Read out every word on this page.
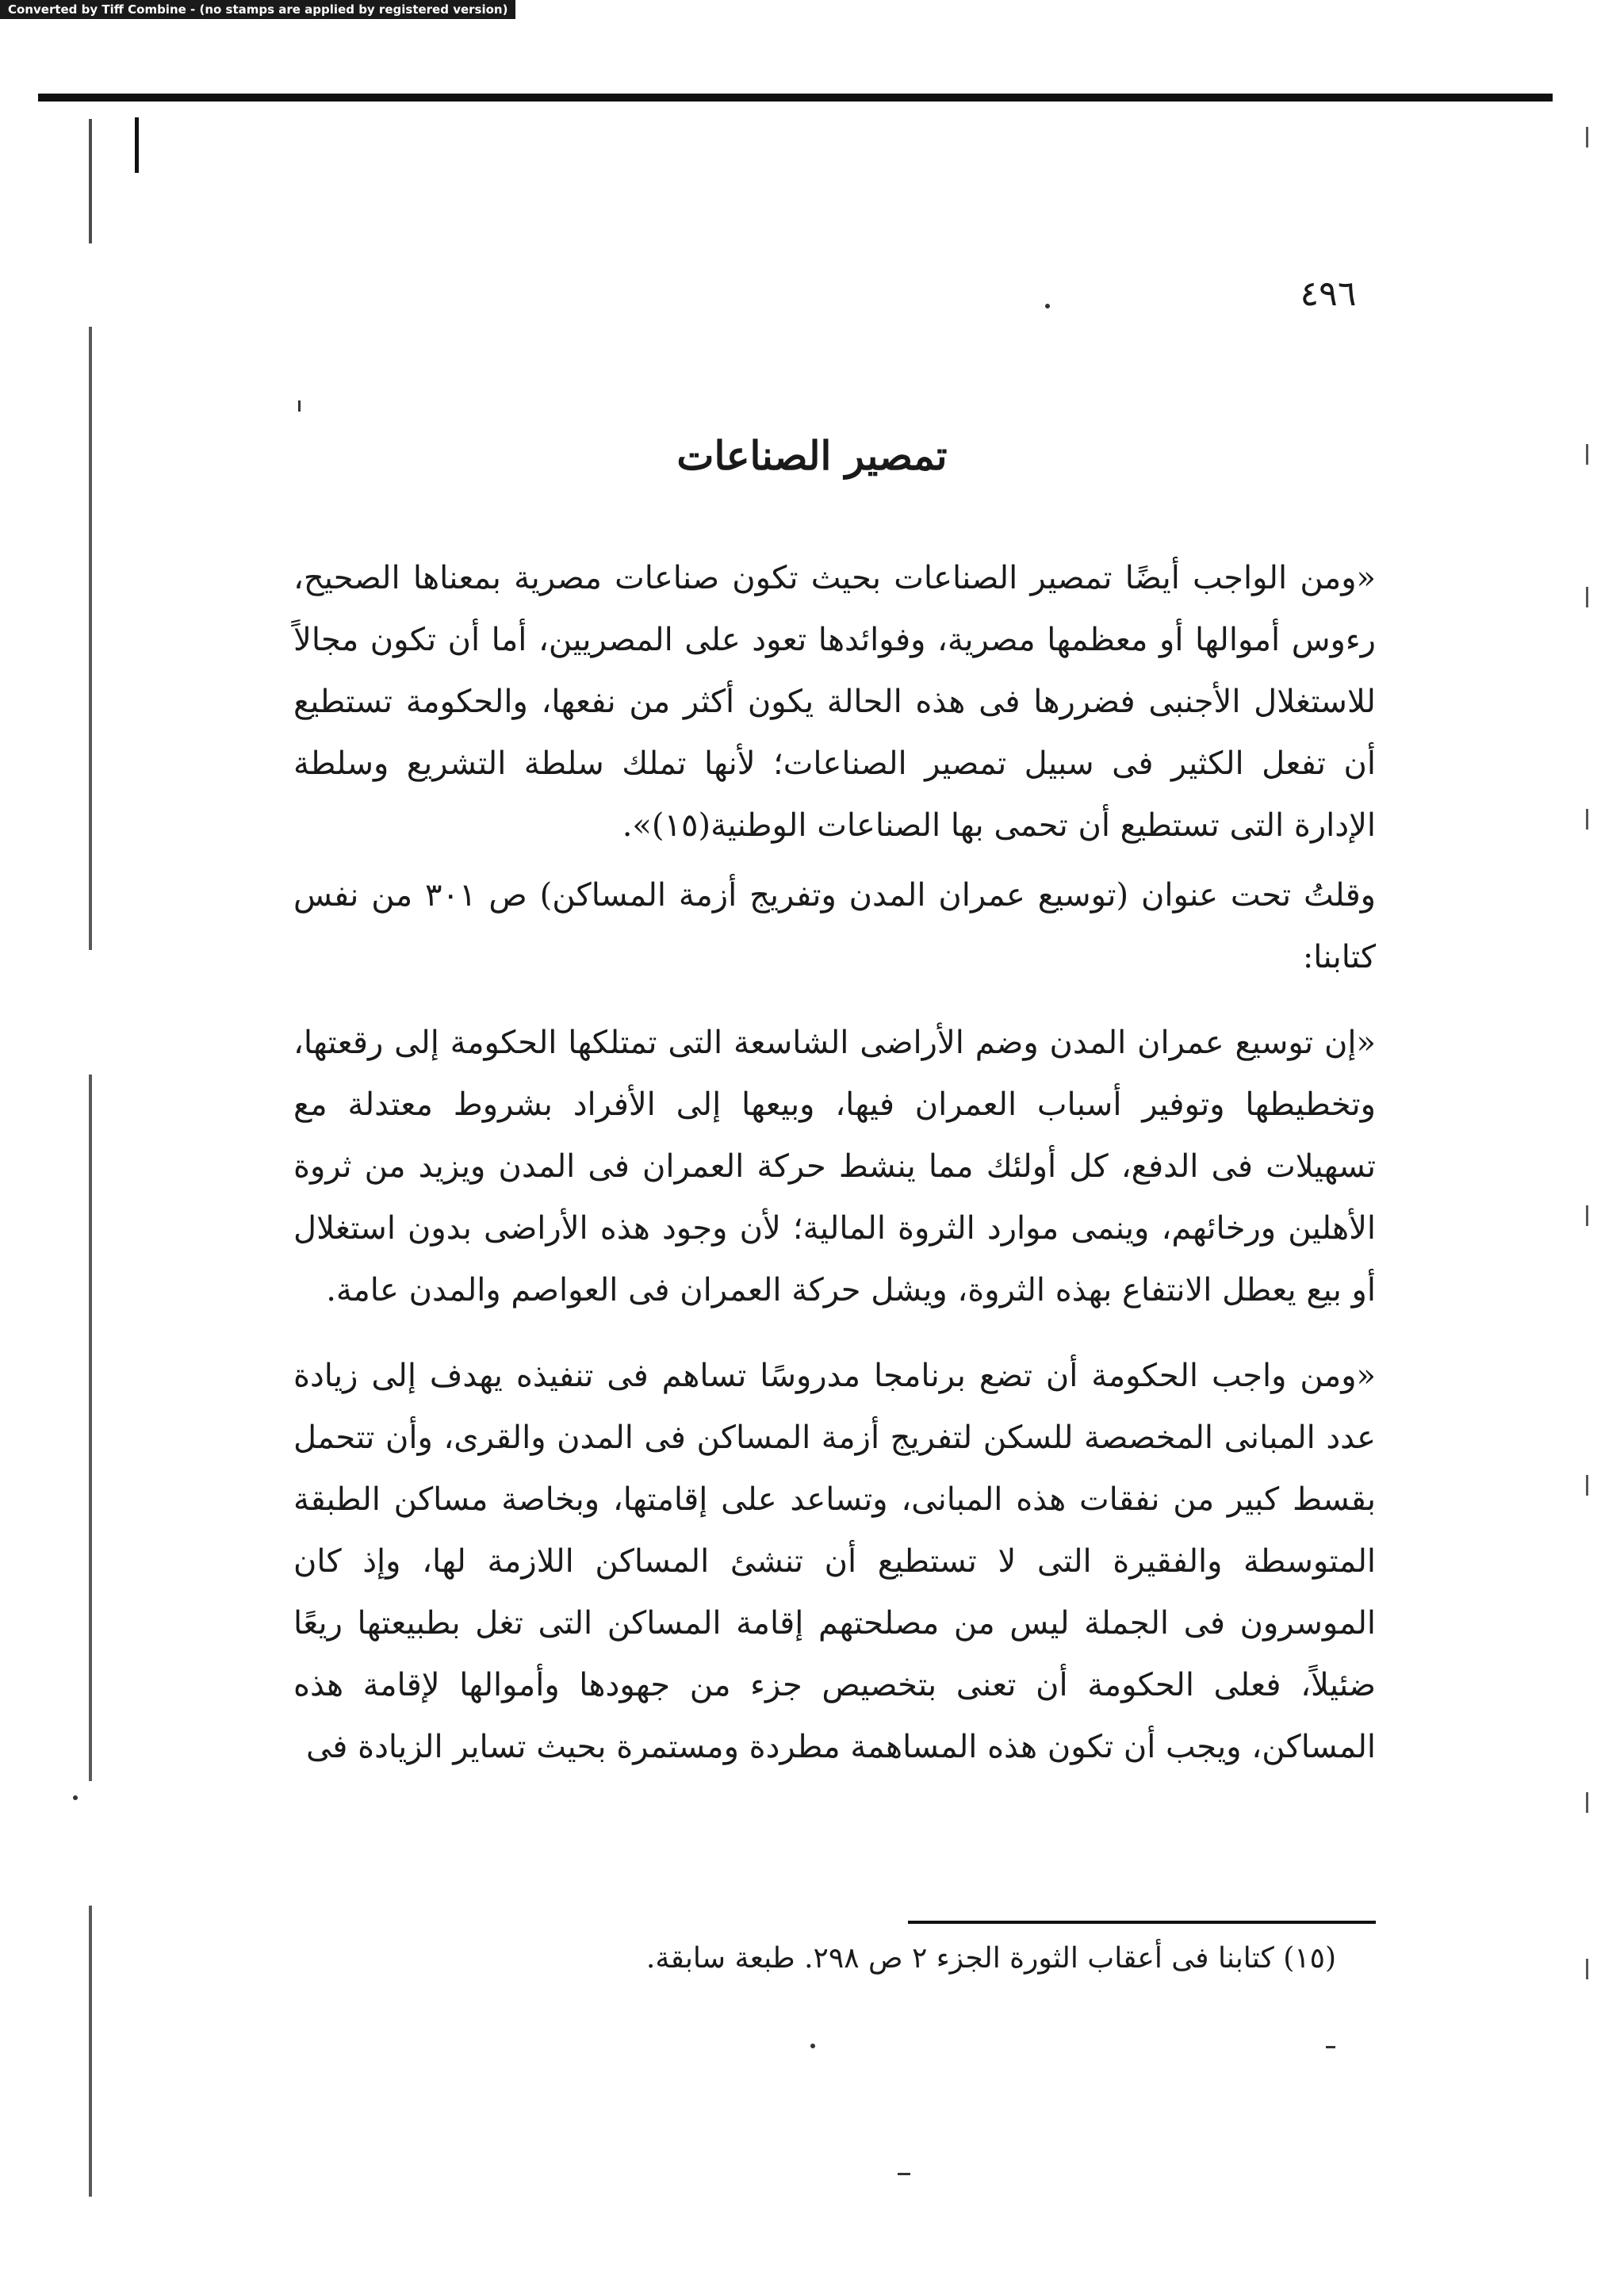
Converted by Tiff Combine - (no stamps are applied by registered version)
٤٩٦
تمصير الصناعات

«ومن الواجب أيضًا تمصير الصناعات بحيث تكون صناعات مصرية بمعناها الصحيح، رءوس أموالها أو معظمها مصرية، وفوائدها تعود على المصريين، أما أن تكون مجالاً للاستغلال الأجنبى فضررها فى هذه الحالة يكون أكثر من نفعها، والحكومة تستطيع أن تفعل الكثير فى سبيل تمصير الصناعات؛ لأنها تملك سلطة التشريع وسلطة الإدارة التى تستطيع أن تحمى بها الصناعات الوطنية(١٥)».

وقلتُ تحت عنوان (توسيع عمران المدن وتفريج أزمة المساكن) ص ٣٠١ من نفس كتابنا:

«إن توسيع عمران المدن وضم الأراضى الشاسعة التى تمتلكها الحكومة إلى رقعتها، وتخطيطها وتوفير أسباب العمران فيها، وبيعها إلى الأفراد بشروط معتدلة مع تسهيلات فى الدفع، كل أولئك مما ينشط حركة العمران فى المدن ويزيد من ثروة الأهلين ورخائهم، وينمى موارد الثروة المالية؛ لأن وجود هذه الأراضى بدون استغلال أو بيع يعطل الانتفاع بهذه الثروة، ويشل حركة العمران فى العواصم والمدن عامة.

«ومن واجب الحكومة أن تضع برنامجا مدروسًا تساهم فى تنفيذه يهدف إلى زيادة عدد المبانى المخصصة للسكن لتفريج أزمة المساكن فى المدن والقرى، وأن تتحمل بقسط كبير من نفقات هذه المبانى، وتساعد على إقامتها، وبخاصة مساكن الطبقة المتوسطة والفقيرة التى لا تستطيع أن تنشئ المساكن اللازمة لها، وإذ كان الموسرون فى الجملة ليس من مصلحتهم إقامة المساكن التى تغل بطبيعتها ريعًا ضئيلاً، فعلى الحكومة أن تعنى بتخصيص جزء من جهودها وأموالها لإقامة هذه المساكن، ويجب أن تكون هذه المساهمة مطردة ومستمرة بحيث تساير الزيادة فى

(١٥) كتابنا فى أعقاب الثورة الجزء ٢ ص ٢٩٨. طبعة سابقة.
